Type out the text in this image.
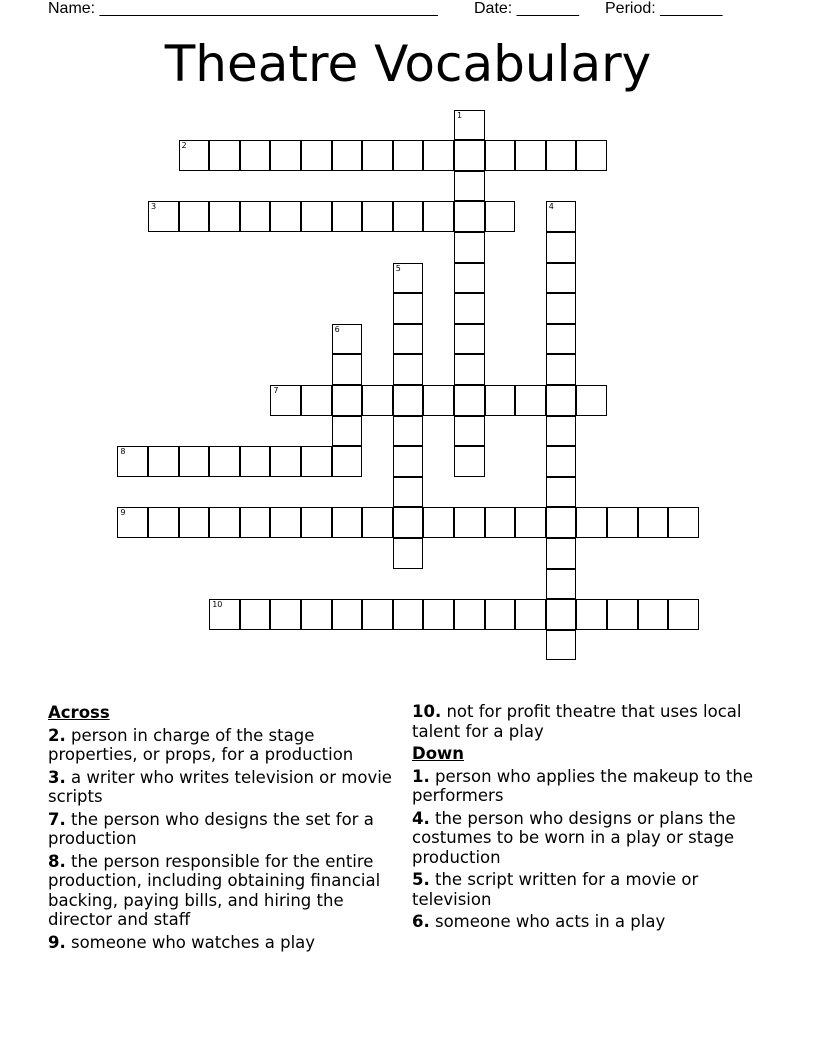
Name: ______________________________________ Date: _______ Period: _______
Theatre Vocabulary
2
3
7
8
9
10
1
4
5
6
Across
2. person in charge of the stage properties, or props, for a production
3. a writer who writes television or movie scripts
7. the person who designs the set for a production
8. the person responsible for the entire production, including obtaining financial backing, paying bills, and hiring the director and staff
9. someone who watches a play
10. not for profit theatre that uses local talent for a play
Down
1. person who applies the makeup to the performers
4. the person who designs or plans the costumes to be worn in a play or stage production
5. the script written for a movie or television
6. someone who acts in a play
